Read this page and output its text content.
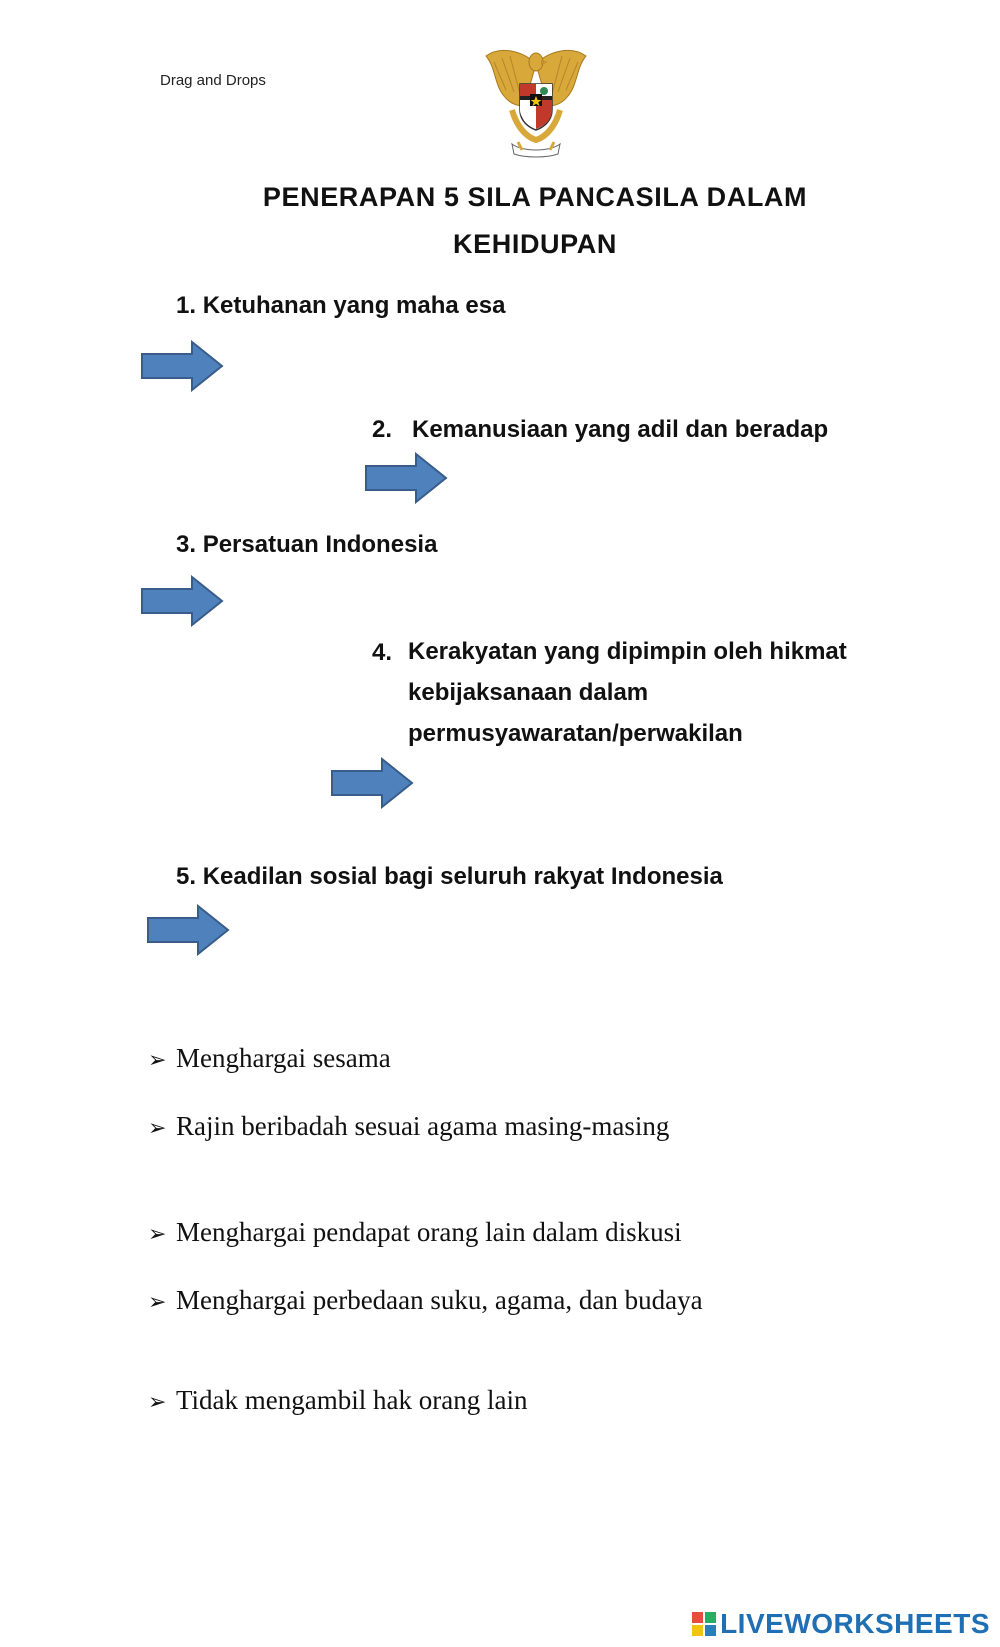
Drag and Drops
PENERAPAN 5 SILA PANCASILA DALAM
KEHIDUPAN
1. Ketuhanan yang maha esa
2. Kemanusiaan yang adil dan beradap
3. Persatuan Indonesia
4. Kerakyatan yang dipimpin oleh hikmat
kebijaksanaan dalam
permusyawaratan/perwakilan
5. Keadilan sosial bagi seluruh rakyat Indonesia
➢ Menghargai sesama
➢ Rajin beribadah sesuai agama masing-masing
➢ Menghargai pendapat orang lain dalam diskusi
➢ Menghargai perbedaan suku, agama, dan budaya
➢ Tidak mengambil hak orang lain
LIVEWORKSHEETS
